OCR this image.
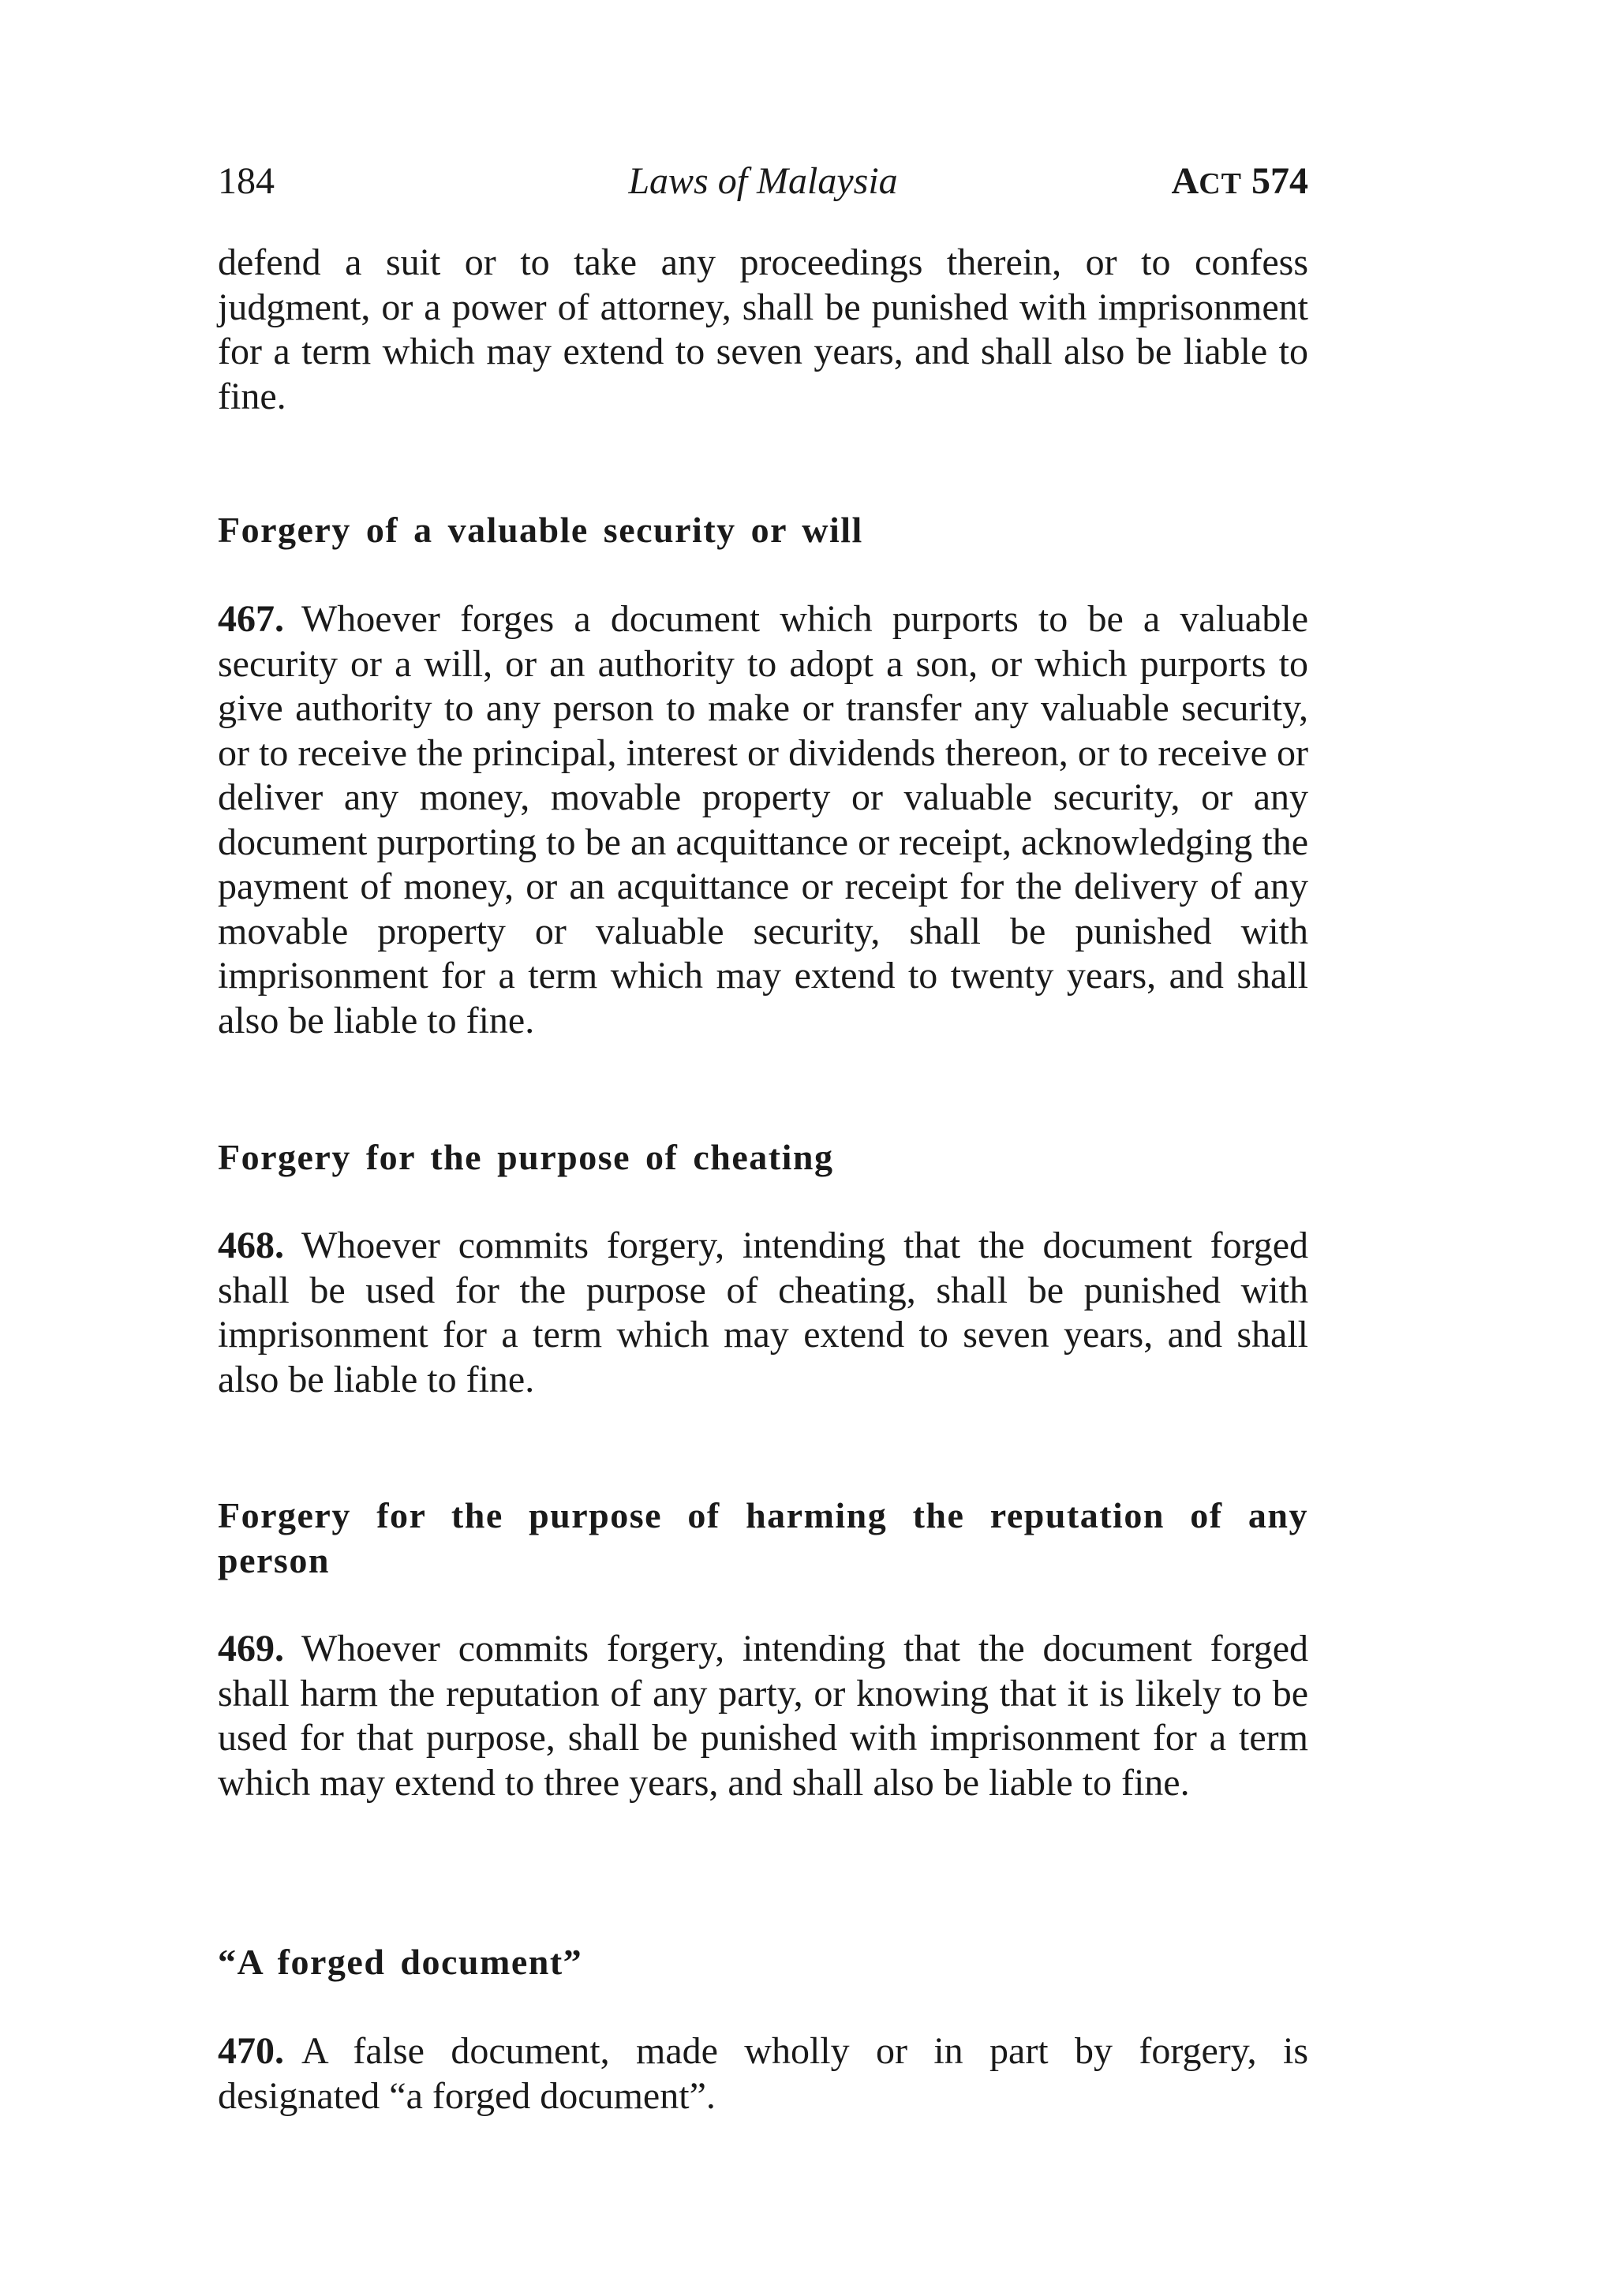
184	Laws of Malaysia	ACT 574

defend a suit or to take any proceedings therein, or to confess judgment, or a power of attorney, shall be punished with imprisonment for a term which may extend to seven years, and shall also be liable to fine.

Forgery of a valuable security or will

467. Whoever forges a document which purports to be a valuable security or a will, or an authority to adopt a son, or which purports to give authority to any person to make or transfer any valuable security, or to receive the principal, interest or dividends thereon, or to receive or deliver any money, movable property or valuable security, or any document purporting to be an acquittance or receipt, acknowledging the payment of money, or an acquittance or receipt for the delivery of any movable property or valuable security, shall be punished with imprisonment for a term which may extend to twenty years, and shall also be liable to fine.

Forgery for the purpose of cheating

468. Whoever commits forgery, intending that the document forged shall be used for the purpose of cheating, shall be punished with imprisonment for a term which may extend to seven years, and shall also be liable to fine.

Forgery for the purpose of harming the reputation of any person

469. Whoever commits forgery, intending that the document forged shall harm the reputation of any party, or knowing that it is likely to be used for that purpose, shall be punished with imprisonment for a term which may extend to three years, and shall also be liable to fine.

“A forged document”

470. A false document, made wholly or in part by forgery, is designated “a forged document”.
